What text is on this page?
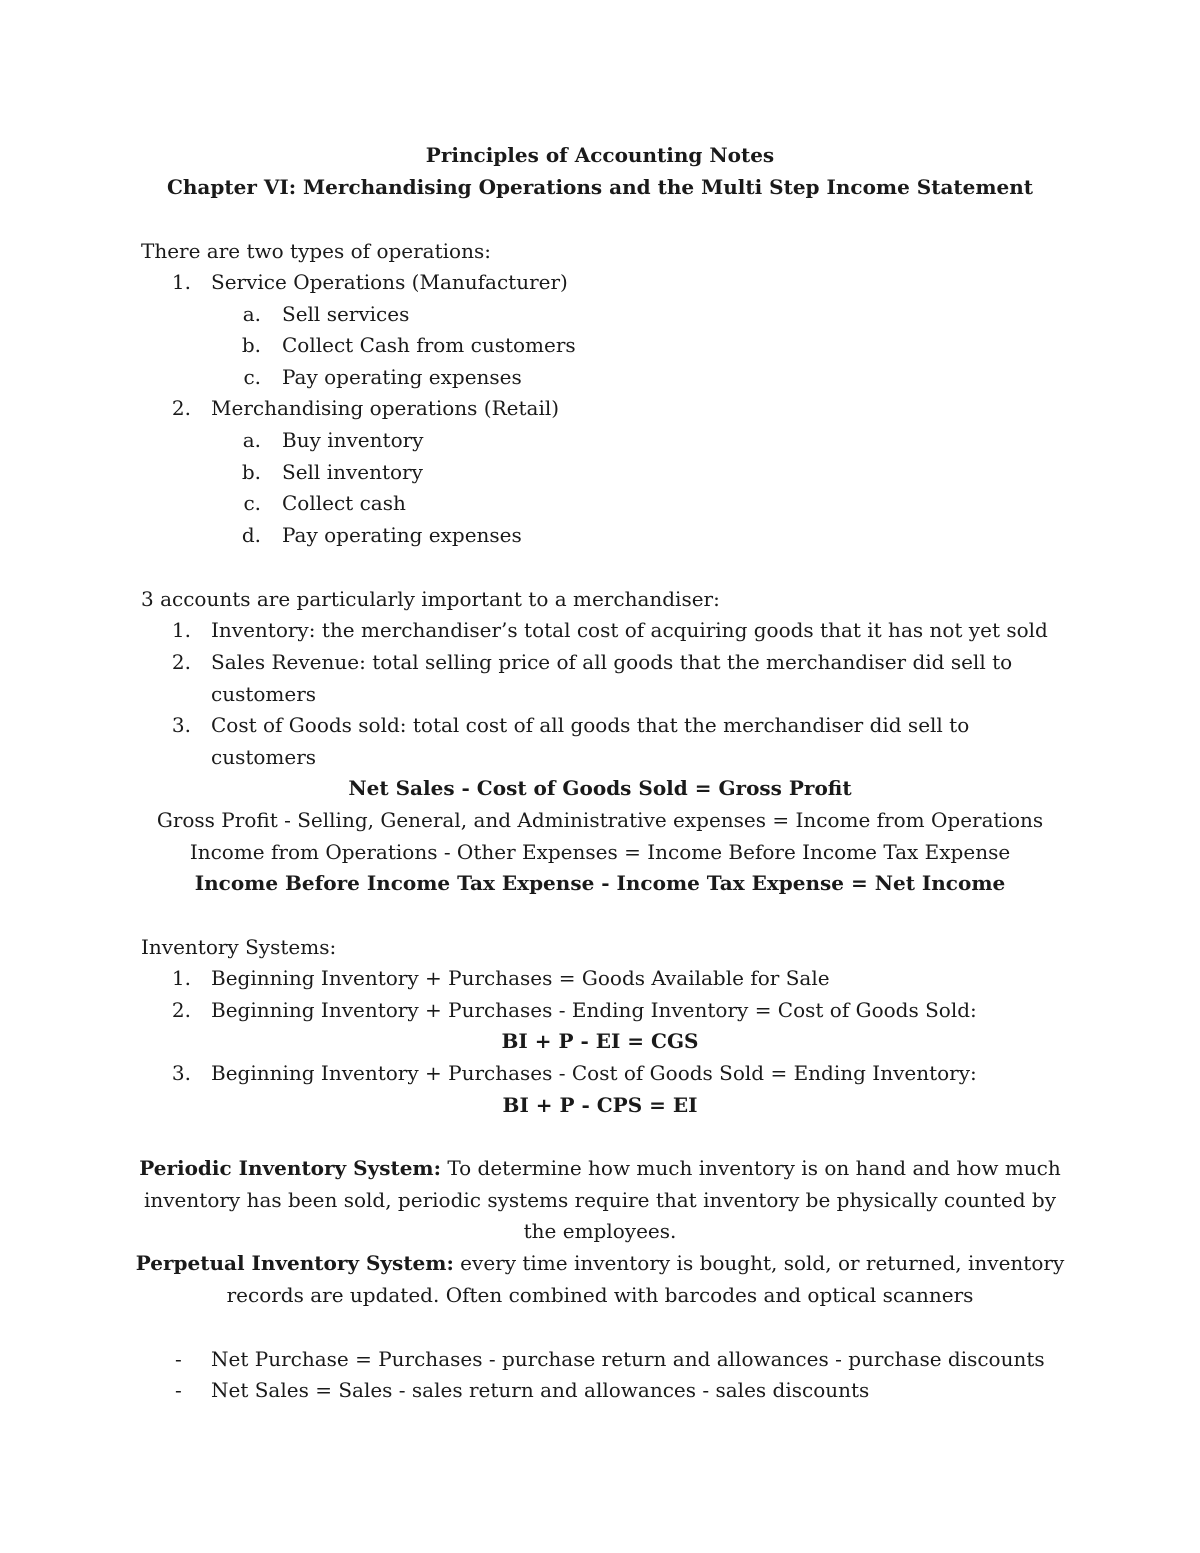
Principles of Accounting Notes
Chapter VI: Merchandising Operations and the Multi Step Income Statement
There are two types of operations:
1. Service Operations (Manufacturer)
a. Sell services
b. Collect Cash from customers
c. Pay operating expenses
2. Merchandising operations (Retail)
a. Buy inventory
b. Sell inventory
c. Collect cash
d. Pay operating expenses
3 accounts are particularly important to a merchandiser:
1. Inventory: the merchandiser’s total cost of acquiring goods that it has not yet sold
2. Sales Revenue: total selling price of all goods that the merchandiser did sell to
customers
3. Cost of Goods sold: total cost of all goods that the merchandiser did sell to
customers
Net Sales - Cost of Goods Sold = Gross Profit
Gross Profit - Selling, General, and Administrative expenses = Income from Operations
Income from Operations - Other Expenses = Income Before Income Tax Expense
Income Before Income Tax Expense - Income Tax Expense = Net Income
Inventory Systems:
1. Beginning Inventory + Purchases = Goods Available for Sale
2. Beginning Inventory + Purchases - Ending Inventory = Cost of Goods Sold:
BI + P - EI = CGS
3. Beginning Inventory + Purchases - Cost of Goods Sold = Ending Inventory:
BI + P - CPS = EI
Periodic Inventory System: To determine how much inventory is on hand and how much
inventory has been sold, periodic systems require that inventory be physically counted by
the employees.
Perpetual Inventory System: every time inventory is bought, sold, or returned, inventory
records are updated. Often combined with barcodes and optical scanners
- Net Purchase = Purchases - purchase return and allowances - purchase discounts
- Net Sales = Sales - sales return and allowances - sales discounts
